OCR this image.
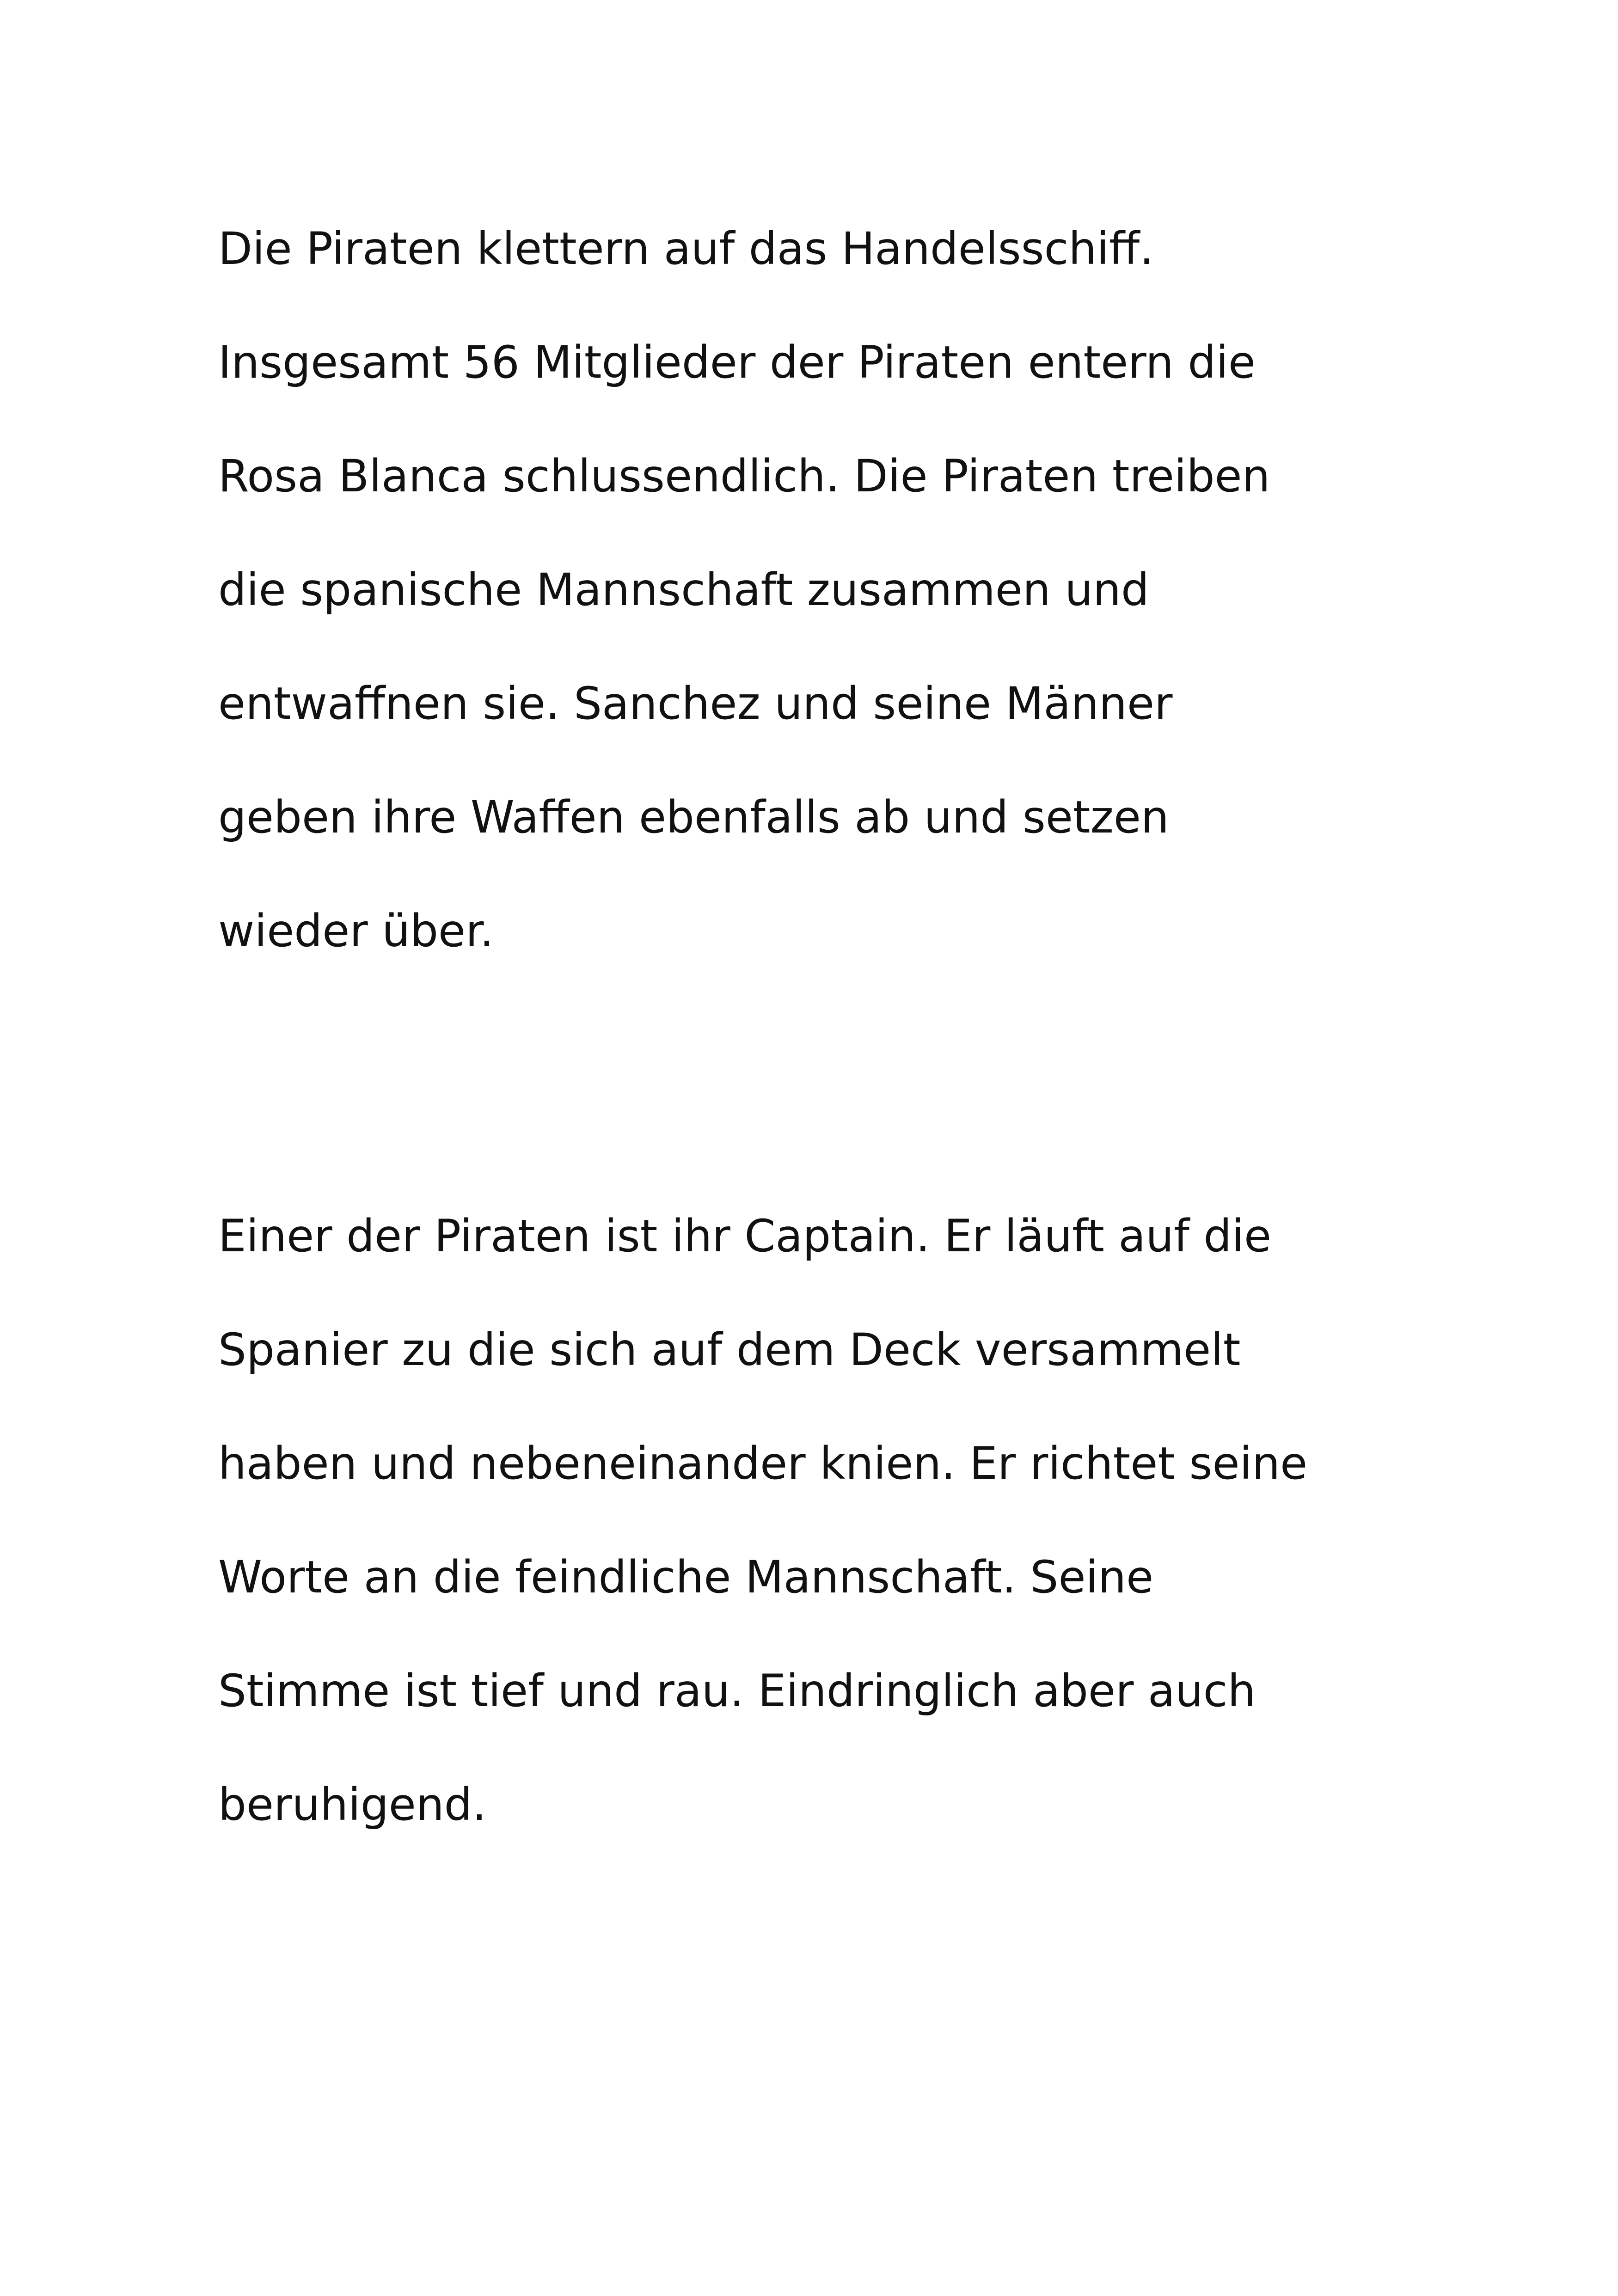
Die Piraten klettern auf das Handelsschiff.

Insgesamt 56 Mitglieder der Piraten entern die

Rosa Blanca schlussendlich. Die Piraten treiben

die spanische Mannschaft zusammen und

entwaffnen sie. Sanchez und seine Männer

geben ihre Waffen ebenfalls ab und setzen

wieder über.

Einer der Piraten ist ihr Captain. Er läuft auf die

Spanier zu die sich auf dem Deck versammelt

haben und nebeneinander knien. Er richtet seine

Worte an die feindliche Mannschaft. Seine

Stimme ist tief und rau. Eindringlich aber auch

beruhigend.
